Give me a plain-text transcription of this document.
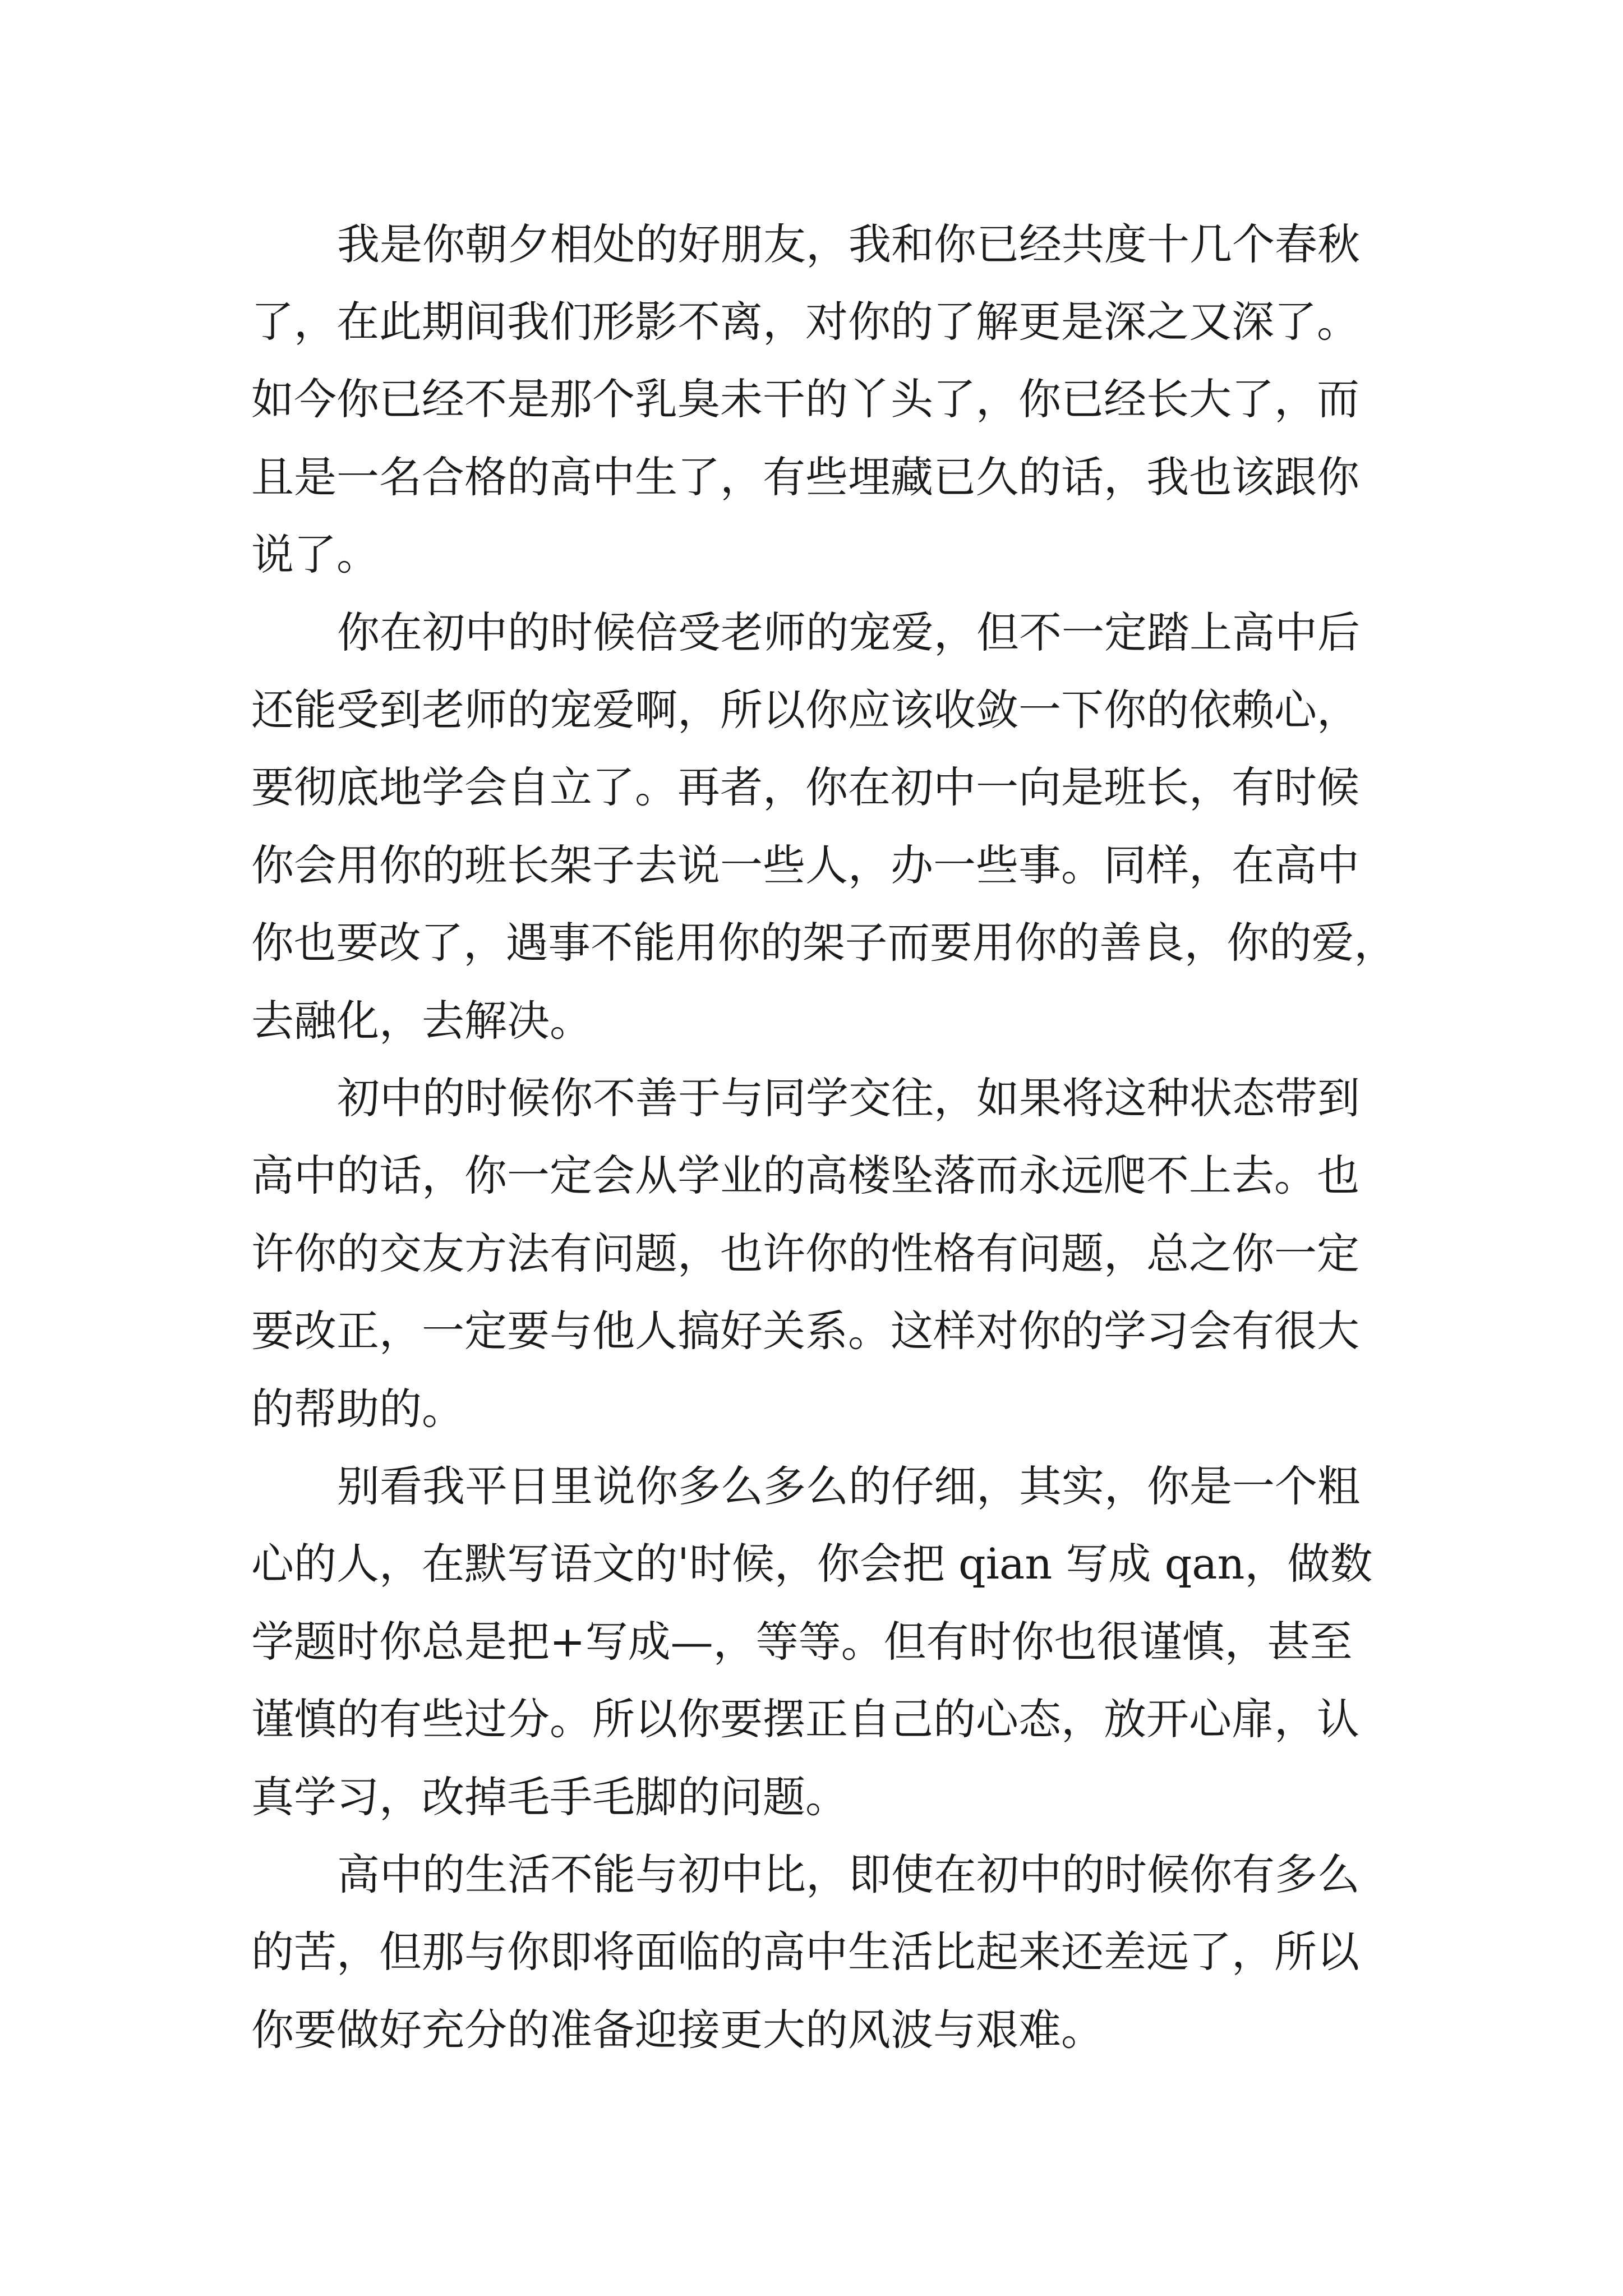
我是你朝夕相处的好朋友，我和你已经共度十几个春秋
了，在此期间我们形影不离，对你的了解更是深之又深了。
如今你已经不是那个乳臭未干的丫头了，你已经长大了，而
且是一名合格的高中生了，有些埋藏已久的话，我也该跟你
说了。
你在初中的时候倍受老师的宠爱，但不一定踏上高中后
还能受到老师的宠爱啊，所以你应该收敛一下你的依赖心，
要彻底地学会自立了。再者，你在初中一向是班长，有时候
你会用你的班长架子去说一些人，办一些事。同样，在高中
你也要改了，遇事不能用你的架子而要用你的善良，你的爱，
去融化，去解决。
初中的时候你不善于与同学交往，如果将这种状态带到
高中的话，你一定会从学业的高楼坠落而永远爬不上去。也
许你的交友方法有问题，也许你的性格有问题，总之你一定
要改正，一定要与他人搞好关系。这样对你的学习会有很大
的帮助的。
别看我平日里说你多么多么的仔细，其实，你是一个粗
心的人，在默写语文的'时候，你会把 qian 写成 qan，做数
学题时你总是把+写成—，等等。但有时你也很谨慎，甚至
谨慎的有些过分。所以你要摆正自己的心态，放开心扉，认
真学习，改掉毛手毛脚的问题。
高中的生活不能与初中比，即使在初中的时候你有多么
的苦，但那与你即将面临的高中生活比起来还差远了，所以
你要做好充分的准备迎接更大的风波与艰难。
